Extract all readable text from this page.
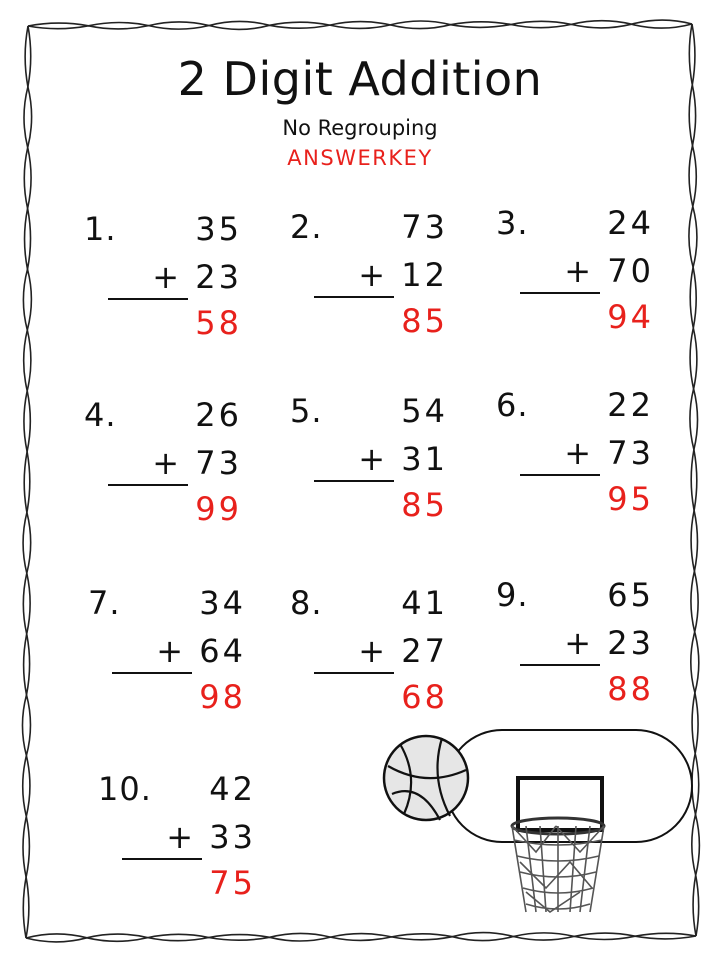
2 Digit Addition
No Regrouping
ANSWERKEY
1.	35
+ 23
58
2.	73
+ 12
85
3.	24
+ 70
94
4.	26
+ 73
99
5.	54
+ 31
85
6.	22
+ 73
95
7.	34
+ 64
98
8.	41
+ 27
68
9.	65
+ 23
88
10.	42
+ 33
75
